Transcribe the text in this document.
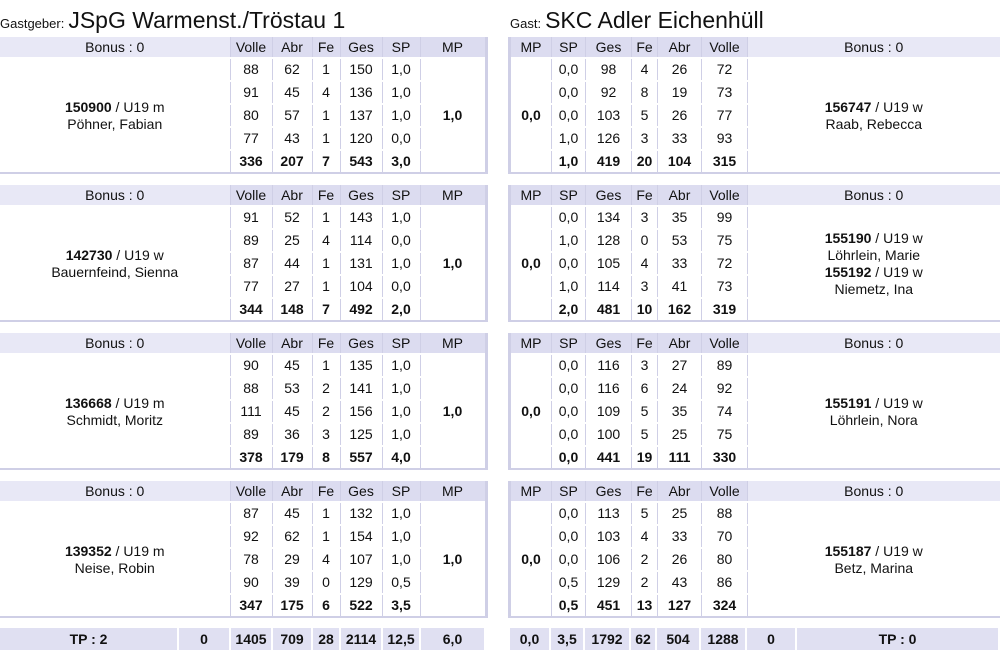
Gastgeber: JSpG Warmenst./Tröstau 1	Gast: SKC Adler Eichenhüll
Bonus : 0	Volle	Abr	Fe	Ges	SP	MP

150900 / U19 m
Pöhner, Fabian	88	62	1	150	1,0	1,0
	91	45	4	136	1,0	
	80	57	1	137	1,0	
	77	43	1	120	0,0	
	336	207	7	543	3,0	
MP	SP	Ges	Fe	Abr	Volle	Bonus : 0
0,0	0,0	98	4	26	72	156747 / U19 w
Raab, Rebecca

	0,0	92	8	19	73	
	0,0	103	5	26	77	
	1,0	126	3	33	93	
	1,0	419	20	104	315	
Bonus : 0	Volle	Abr	Fe	Ges	SP	MP

142730 / U19 w
Bauernfeind, Sienna	91	52	1	143	1,0	1,0
	89	25	4	114	0,0	
	87	44	1	131	1,0	
	77	27	1	104	0,0	
	344	148	7	492	2,0	
MP	SP	Ges	Fe	Abr	Volle	Bonus : 0
0,0	0,0	134	3	35	99	155190 / U19 w
Löhrlein, Marie
155192 / U19 w
Niemetz, Ina

	1,0	128	0	53	75	
	0,0	105	4	33	72	
	1,0	114	3	41	73	
	2,0	481	10	162	319	
Bonus : 0	Volle	Abr	Fe	Ges	SP	MP

136668 / U19 m
Schmidt, Moritz	90	45	1	135	1,0	1,0
	88	53	2	141	1,0	
	111	45	2	156	1,0	
	89	36	3	125	1,0	
	378	179	8	557	4,0	
MP	SP	Ges	Fe	Abr	Volle	Bonus : 0
0,0	0,0	116	3	27	89	155191 / U19 w
Löhrlein, Nora

	0,0	116	6	24	92	
	0,0	109	5	35	74	
	0,0	100	5	25	75	
	0,0	441	19	111	330	
Bonus : 0	Volle	Abr	Fe	Ges	SP	MP

139352 / U19 m
Neise, Robin	87	45	1	132	1,0	1,0
	92	62	1	154	1,0	
	78	29	4	107	1,0	
	90	39	0	129	0,5	
	347	175	6	522	3,5	
MP	SP	Ges	Fe	Abr	Volle	Bonus : 0
0,0	0,0	113	5	25	88	155187 / U19 w
Betz, Marina

	0,0	103	4	33	70	
	0,0	106	2	26	80	
	0,5	129	2	43	86	
	0,5	451	13	127	324	
TP : 2	0	1405	709	28	2114	12,5	6,0	0,0	3,5	1792	62	504	1288	0	TP : 0
